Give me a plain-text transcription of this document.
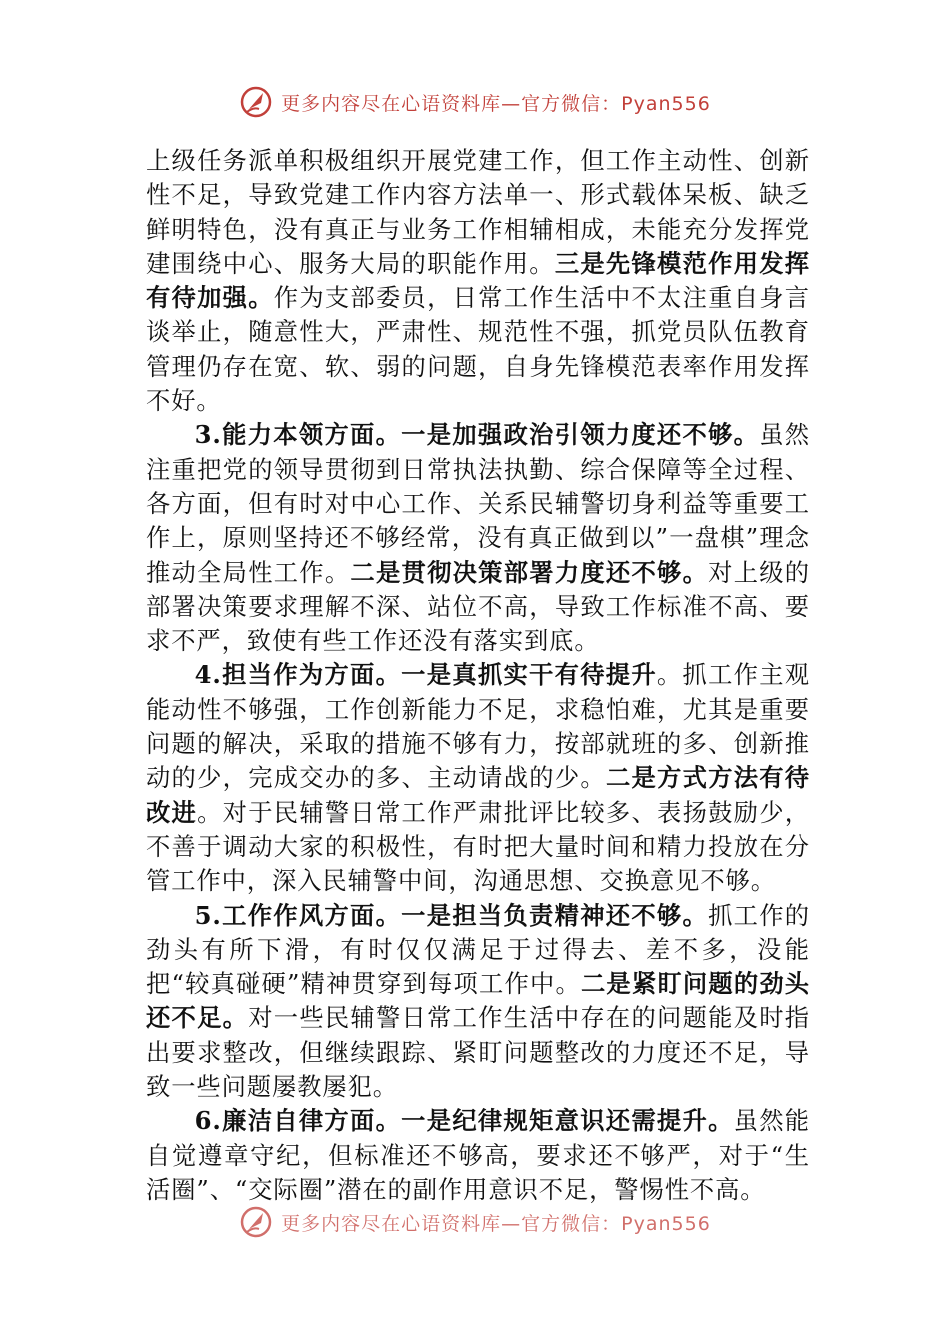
更多内容尽在心语资料库—官方微信：Pyan556

上级任务派单积极组织开展党建工作，但工作主动性、创新性不足，导致党建工作内容方法单一、形式载体呆板、缺乏鲜明特色，没有真正与业务工作相辅相成，未能充分发挥党建围绕中心、服务大局的职能作用。三是先锋模范作用发挥有待加强。作为支部委员，日常工作生活中不太注重自身言谈举止，随意性大，严肃性、规范性不强，抓党员队伍教育管理仍存在宽、软、弱的问题，自身先锋模范表率作用发挥不好。

3.能力本领方面。一是加强政治引领力度还不够。虽然注重把党的领导贯彻到日常执法执勤、综合保障等全过程、各方面，但有时对中心工作、关系民辅警切身利益等重要工作上，原则坚持还不够经常，没有真正做到以”一盘棋”理念推动全局性工作。二是贯彻决策部署力度还不够。对上级的部署决策要求理解不深、站位不高，导致工作标准不高、要求不严，致使有些工作还没有落实到底。

4.担当作为方面。一是真抓实干有待提升。抓工作主观能动性不够强，工作创新能力不足，求稳怕难，尤其是重要问题的解决，采取的措施不够有力，按部就班的多、创新推动的少，完成交办的多、主动请战的少。二是方式方法有待改进。对于民辅警日常工作严肃批评比较多、表扬鼓励少，不善于调动大家的积极性，有时把大量时间和精力投放在分管工作中，深入民辅警中间，沟通思想、交换意见不够。

5.工作作风方面。一是担当负责精神还不够。抓工作的劲头有所下滑，有时仅仅满足于过得去、差不多，没能把“较真碰硬”精神贯穿到每项工作中。二是紧盯问题的劲头还不足。对一些民辅警日常工作生活中存在的问题能及时指出要求整改，但继续跟踪、紧盯问题整改的力度还不足，导致一些问题屡教屡犯。

6.廉洁自律方面。一是纪律规矩意识还需提升。虽然能自觉遵章守纪，但标准还不够高，要求还不够严，对于“生活圈”、“交际圈”潜在的副作用意识不足，警惕性不高。

更多内容尽在心语资料库—官方微信：Pyan556
